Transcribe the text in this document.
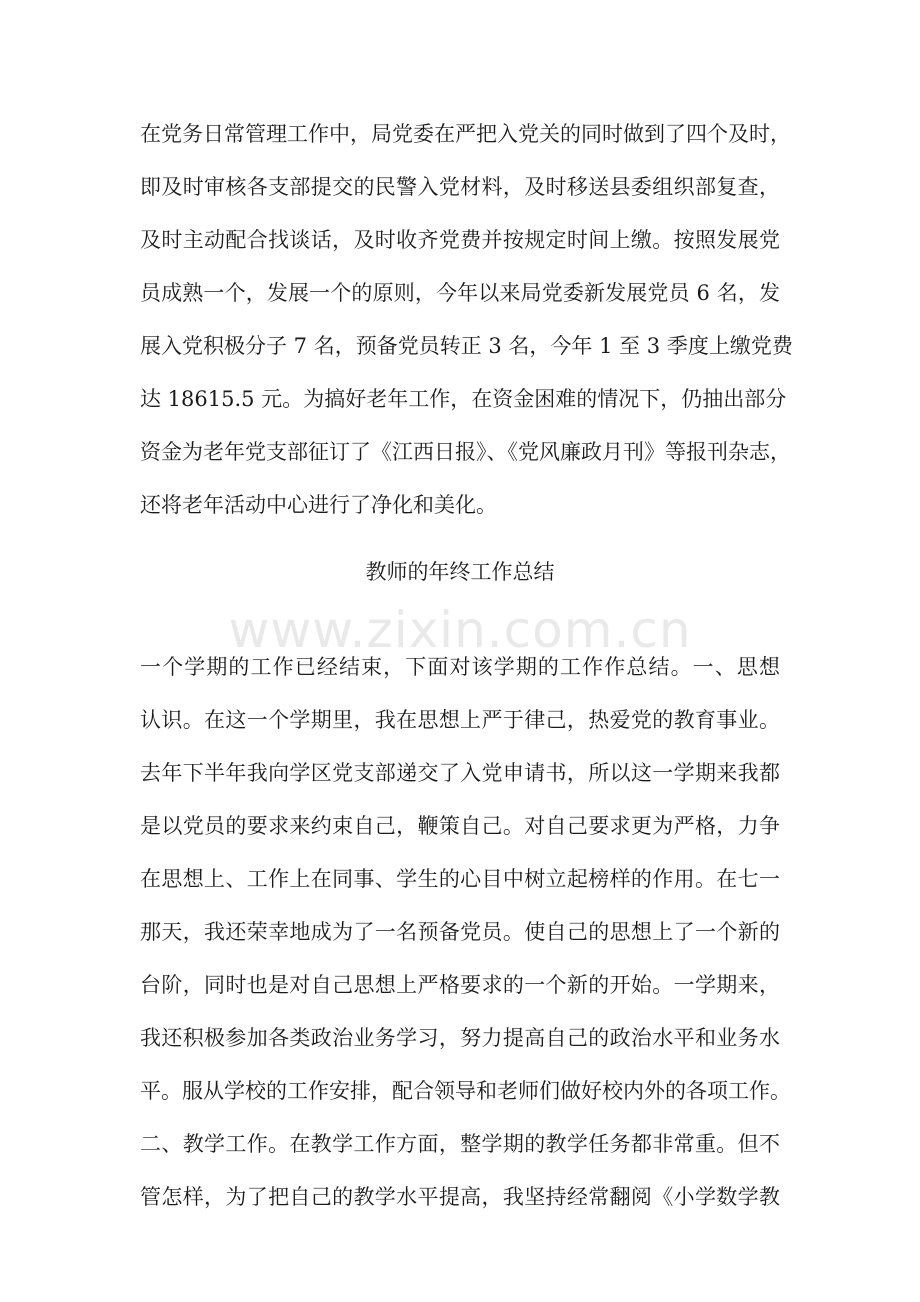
在党务日常管理工作中，局党委在严把入党关的同时做到了四个及时，
即及时审核各支部提交的民警入党材料，及时移送县委组织部复查，
及时主动配合找谈话，及时收齐党费并按规定时间上缴。按照发展党
员成熟一个，发展一个的原则，今年以来局党委新发展党员 6 名，发
展入党积极分子 7 名，预备党员转正 3 名，今年 1 至 3 季度上缴党费
达 18615.5 元。为搞好老年工作，在资金困难的情况下，仍抽出部分
资金为老年党支部征订了《江西日报》、《党风廉政月刊》等报刊杂志，
还将老年活动中心进行了净化和美化。
教师的年终工作总结
www.zixin.com.cn
一个学期的工作已经结束，下面对该学期的工作作总结。一、思想
认识。在这一个学期里，我在思想上严于律己，热爱党的教育事业。
去年下半年我向学区党支部递交了入党申请书，所以这一学期来我都
是以党员的要求来约束自己，鞭策自己。对自己要求更为严格，力争
在思想上、工作上在同事、学生的心目中树立起榜样的作用。在七一
那天，我还荣幸地成为了一名预备党员。使自己的思想上了一个新的
台阶，同时也是对自己思想上严格要求的一个新的开始。一学期来，
我还积极参加各类政治业务学习，努力提高自己的政治水平和业务水
平。服从学校的工作安排，配合领导和老师们做好校内外的各项工作。
二、教学工作。在教学工作方面，整学期的教学任务都非常重。但不
管怎样，为了把自己的教学水平提高，我坚持经常翻阅《小学数学教
